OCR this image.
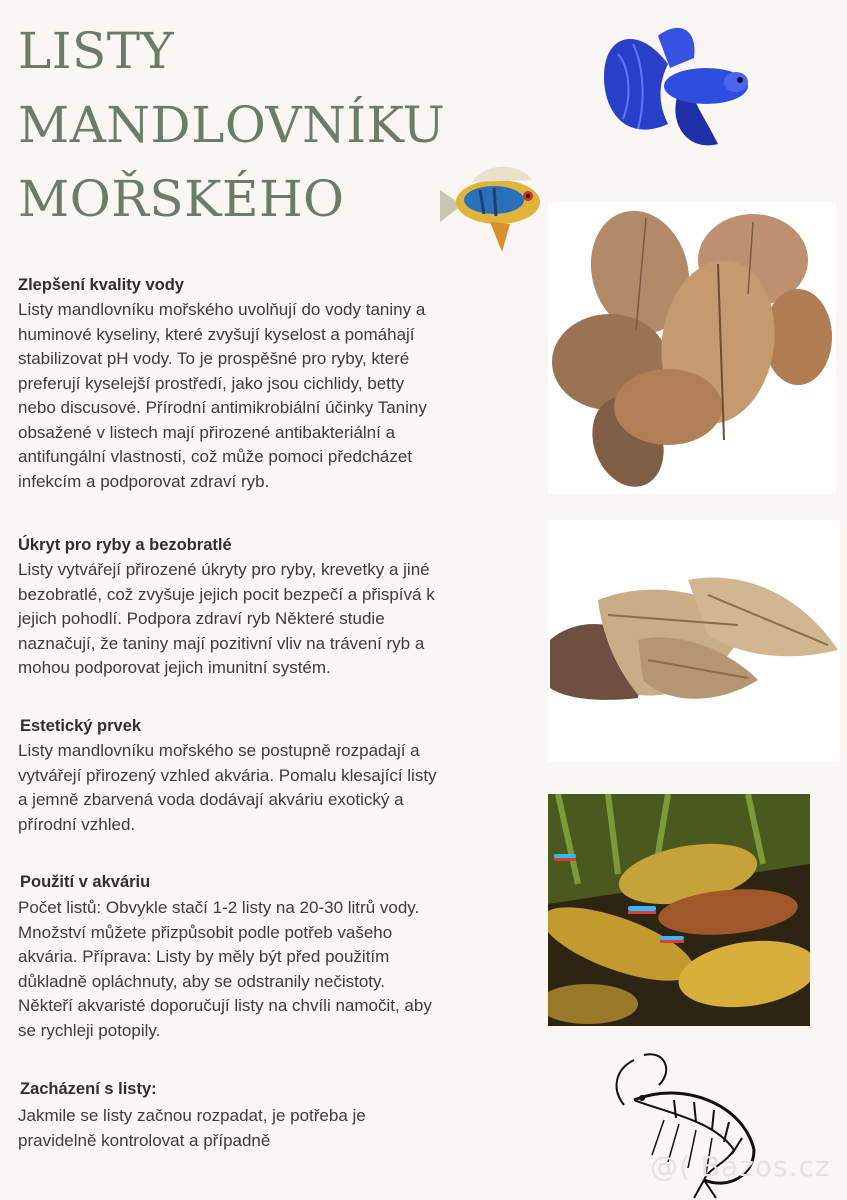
LISTY
MANDLOVNÍKU
MOŘSKÉHO
Zlepšení kvality vody

Listy mandlovníku mořského uvolňují do vody taniny a
huminové kyseliny, které zvyšují kyselost a pomáhají
stabilizovat pH vody. To je prospěšné pro ryby, které
preferují kyselejší prostředí, jako jsou cichlidy, betty
nebo discusové. Přírodní antimikrobiální účinky Taniny
obsažené v listech mají přirozené antibakteriální a
antifungální vlastnosti, což může pomoci předcházet
infekcím a podporovat zdraví ryb.

Úkryt pro ryby a bezobratlé

Listy vytvářejí přirozené úkryty pro ryby, krevetky a jiné
bezobratlé, což zvyšuje jejich pocit bezpečí a přispívá k
jejich pohodlí. Podpora zdraví ryb Některé studie
naznačují, že taniny mají pozitivní vliv na trávení ryb a
mohou podporovat jejich imunitní systém.

Estetický prvek

Listy mandlovníku mořského se postupně rozpadají a
vytvářejí přirozený vzhled akvária. Pomalu klesající listy
a jemně zbarvená voda dodávají akváriu exotický a
přírodní vzhled.

Použití v akváriu

Počet listů: Obvykle stačí 1-2 listy na 20-30 litrů vody.
Množství můžete přizpůsobit podle potřeb vašeho
akvária. Příprava: Listy by měly být před použitím
důkladně opláchnuty, aby se odstranily nečistoty.
Někteří akvaristé doporučují listy na chvíli namočit, aby
se rychleji potopily.

Zacházení s listy:

Jakmile se listy začnou rozpadat, je potřeba je
pravidelně kontrolovat a případně

@( Bazos.cz
